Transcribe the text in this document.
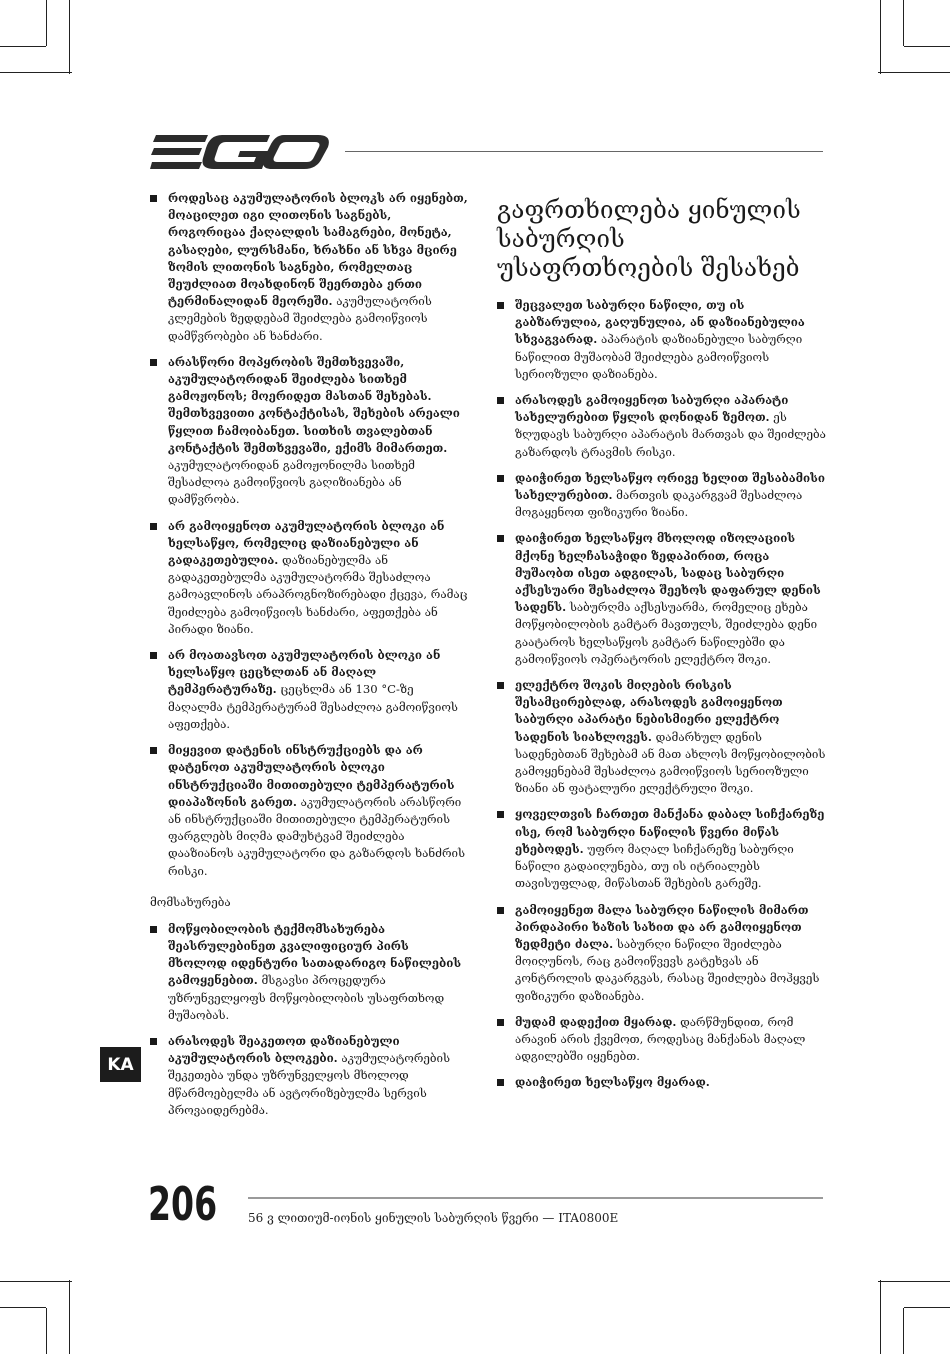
როდესაც აკუმულატორის ბლოკს არ იყენებთ, მოაცილეთ იგი ლითონის საგნებს, როგორიცაა ქაღალდის სამაგრები, მონეტა, გასაღები, ლურსმანი, ხრახნი ან სხვა მცირე ზომის ლითონის საგნები, რომელთაც შეუძლიათ მოახდინონ შეერთება ერთი ტერმინალიდან მეორეში. აკუმულატორის კლემების ზედდებამ შეიძლება გამოიწვიოს დამწვრობები ან ხანძარი.
არასწორი მოპყრობის შემთხვევაში, აკუმულატორიდან შეიძლება სითხემ გამოჟონოს; მოერიდეთ მასთან შეხებას. შემთხვევითი კონტაქტისას, შეხების არეალი წყლით ჩამოიბანეთ. სითხის თვალებთან კონტაქტის შემთხვევაში, ექიმს მიმართეთ. აკუმულატორიდან გამოჟონილმა სითხემ შესაძლოა გამოიწვიოს გაღიზიანება ან დამწვრობა.
არ გამოიყენოთ აკუმულატორის ბლოკი ან ხელსაწყო, რომელიც დაზიანებული ან გადაკეთებულია. დაზიანებულმა ან გადაკეთებულმა აკუმულატორმა შესაძლოა გამოავლინოს არაპროგნოზირებადი ქცევა, რამაც შეიძლება გამოიწვიოს ხანძარი, აფეთქება ან პირადი ზიანი.
არ მოათავსოთ აკუმულატორის ბლოკი ან ხელსაწყო ცეცხლთან ან მაღალ ტემპერატურაზე. ცეცხლმა ან 130 °C-ზე მაღალმა ტემპერატურამ შესაძლოა გამოიწვიოს აფეთქება.
მიყევით დატენის ინსტრუქციებს და არ დატენოთ აკუმულატორის ბლოკი ინსტრუქციაში მითითებული ტემპერატურის დიაპაზონის გარეთ. აკუმულატორის არასწორი ან ინსტრუქციაში მითითებული ტემპერატურის ფარგლებს მიღმა დამუხტვამ შეიძლება დააზიანოს აკუმულატორი და გაზარდოს ხანძრის რისკი.
მომსახურება
მოწყობილობის ტექმომსახურება შეასრულებინეთ კვალიფიციურ პირს მხოლოდ იდენტური სათადარიგო ნაწილების გამოყენებით. მსგავსი პროცედურა უზრუნველყოფს მოწყობილობის უსაფრთხოდ მუშაობას.
არასოდეს შეაკეთოთ დაზიანებული აკუმულატორის ბლოკები. აკუმულატორების შეკეთება უნდა უზრუნველყოს მხოლოდ მწარმოებელმა ან ავტორიზებულმა სერვის პროვაიდერებმა.
გაფრთხილება ყინულის საბურღის უსაფრთხოების შესახებ
შეცვალეთ საბურღი ნაწილი, თუ ის გაბზარულია, გაღუნულია, ან დაზიანებულია სხვაგვარად. აპარატის დაზიანებული საბურღი ნაწილით მუშაობამ შეიძლება გამოიწვიოს სერიოზული დაზიანება.
არასოდეს გამოიყენოთ საბურღი აპარატი სახელურებით წყლის დონიდან ზემოთ. ეს ზღუდავს საბურღი აპარატის მართვას და შეიძლება გაზარდოს ტრავმის რისკი.
დაიჭირეთ ხელსაწყო ორივე ხელით შესაბამისი სახელურებით. მართვის დაკარგვამ შესაძლოა მოგაყენოთ ფიზიკური ზიანი.
დაიჭირეთ ხელსაწყო მხოლოდ იზოლაციის მქონე ხელჩასაჭიდი ზედაპირით, როცა მუშაობთ ისეთ ადგილას, სადაც საბურღი აქსესუარი შესაძლოა შეეხოს დაფარულ დენის სადენს. საბურღმა აქსესუარმა, რომელიც ეხება მოწყობილობის გამტარ მავთულს, შეიძლება დენი გაატაროს ხელსაწყოს გამტარ ნაწილებში და გამოიწვიოს ოპერატორის ელექტრო შოკი.
ელექტრო შოკის მიღების რისკის შესამცირებლად, არასოდეს გამოიყენოთ საბურღი აპარატი ნებისმიერი ელექტრო სადენის სიახლოვეს. დამარხულ დენის სადენებთან შეხებამ ან მათ ახლოს მოწყობილობის გამოყენებამ შესაძლოა გამოიწვიოს სერიოზული ზიანი ან ფატალური ელექტრული შოკი.
ყოველთვის ჩართეთ მანქანა დაბალ სიჩქარეზე ისე, რომ საბურღი ნაწილის წვერი მიწას ეხებოდეს. უფრო მაღალ სიჩქარეზე საბურღი ნაწილი გადაიღუნება, თუ ის იტრიალებს თავისუფლად, მიწასთან შეხების გარეშე.
გამოიყენეთ მალა საბურღი ნაწილის მიმართ პირდაპირი ხაზის სახით და არ გამოიყენოთ ზედმეტი ძალა. საბურღი ნაწილი შეიძლება მოიღუნოს, რაც გამოიწვევს გატეხვას ან კონტროლის დაკარგვას, რასაც შეიძლება მოჰყვეს ფიზიკური დაზიანება.
მუდამ დადექით მყარად. დარწმუნდით, რომ არავინ არის ქვემოთ, როდესაც მანქანას მაღალ ადგილებში იყენებთ.
დაიჭირეთ ხელსაწყო მყარად.
KA
206	56 ვ ლითიუმ-იონის ყინულის საბურღის წვერი — ITA0800E
